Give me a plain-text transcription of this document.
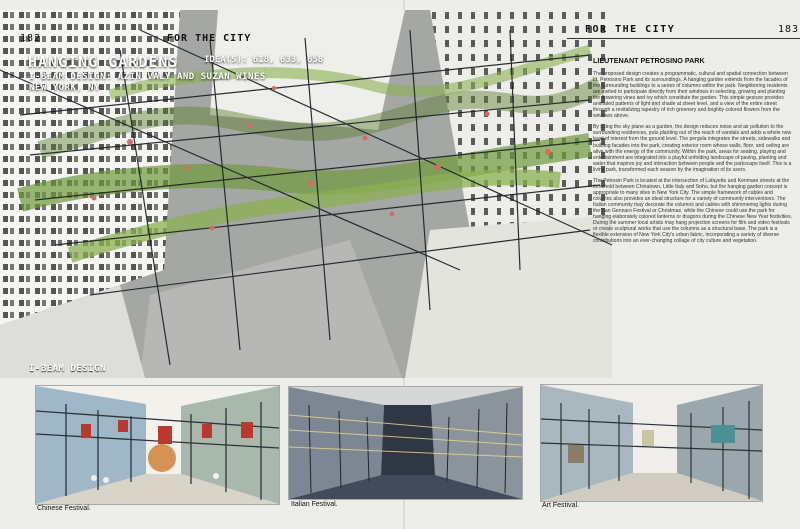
182	FOR THE CITY
FOR THE CITY	183
HANGING GARDENS
I-BEAM DESIGN: AZIN VALY AND SUZAN WINES
NEW YORK, NY
IDEA(S): 618, 633, 658
I-BEAM DESIGN
LIEUTENANT PETROSINO PARK

The proposed design creates a programmatic, cultural and spatial connection between Lt. Petrosino Park and its surroundings. A hanging garden extends from the facades of the surrounding buildings to a series of columns within the park. Neighboring residents are invited to participate directly from their windows in selecting, growing and planting the flowering vines and ivy which constitute the garden. This simple gesture provides animated patterns of light and shade at street level, and a view of the entire street through a revitalizing tapestry of rich greenery and brightly colored flowers from the windows above.

By using the sky plane as a garden, the design reduces noise and air pollution to the surrounding residences, puts planting out of the reach of vandals and adds a whole new level of interest from the ground level. The pergola integrates the streets, sidewalks and building facades into the park, creating exterior room whose walls, floor, and ceiling are alive with the energy of the community. Within the park, areas for seating, playing and entertainment are integrated into a playful unfolding landscape of paving, planting and water that inspires joy and interaction between people and the parkscape itself. This is a living park, transformed each season by the imagination of its users.

The Petrosin Park is located at the intersection of Lafayette and Kenmare streets at the threshold between Chinatown, Little Italy and Soho, but the hanging garden concept is appropriate to many sites in New York City. The simple framework of cables and columns also provides an ideal structure for a variety of community interventions. The Italian community may decorate the columns and cables with shimmering lights during the San Gennaro Festival or Christmas, while the Chinese could use the park for hanging elaborately colored lanterns or dragons during the Chinese New Year festivities. During the summer local artists may hang projection screens for film and video festivals or create sculptural works that use the columns as a structural base. The park is a flexible extension of New York City's urban fabric, incorporating a variety of diverse contributions into an ever-changing collage of city culture and vegetation.

Chinese Festival.
Italian Festival.	Art Festival.
